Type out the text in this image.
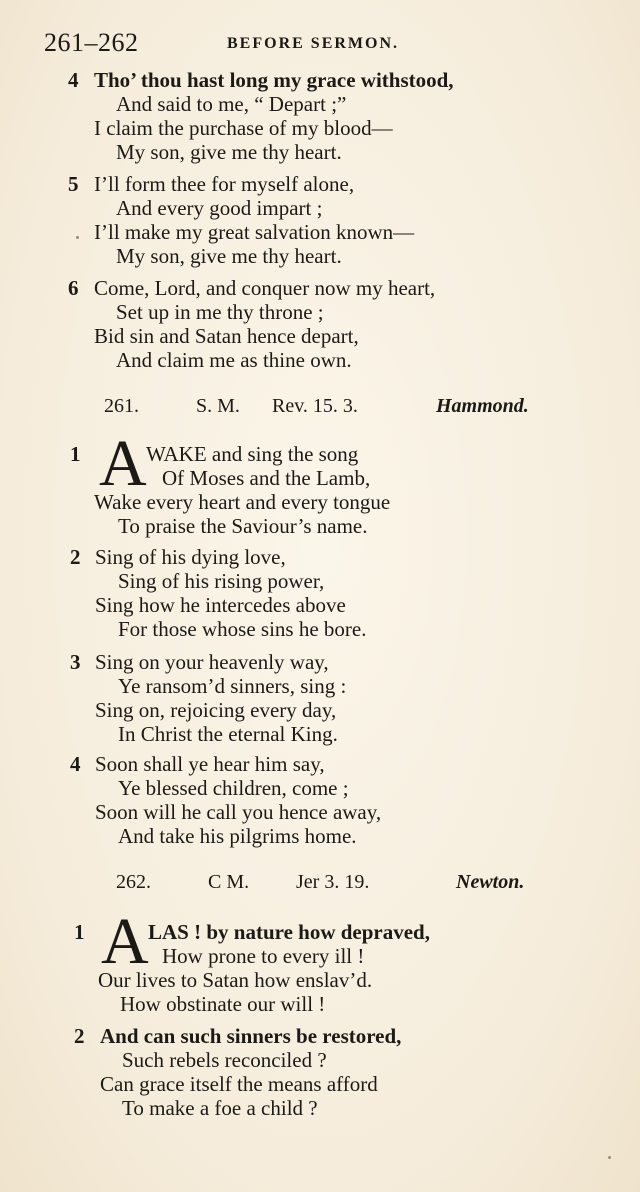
261–262	BEFORE SERMON.
4 Tho’ thou hast long my grace withstood,
And said to me, “ Depart ;”
I claim the purchase of my blood—
My son, give me thy heart.
5 I’ll form thee for myself alone,
And every good impart ;
I’ll make my great salvation known—
My son, give me thy heart.
6 Come, Lord, and conquer now my heart,
Set up in me thy throne ;
Bid sin and Satan hence depart,
And claim me as thine own.
261.	S. M. Rev. 15. 3.	Hammond.
1 A WAKE and sing the song
Of Moses and the Lamb,
Wake every heart and every tongue
To praise the Saviour’s name.
2 Sing of his dying love,
Sing of his rising power,
Sing how he intercedes above
For those whose sins he bore.
3 Sing on your heavenly way,
Ye ransom’d sinners, sing :
Sing on, rejoicing every day,
In Christ the eternal King.
4 Soon shall ye hear him say,
Ye blessed children, come ;
Soon will he call you hence away,
And take his pilgrims home.
262.	C M. Jer 3. 19.	Newton.
1 A LAS ! by nature how depraved,
How prone to every ill !
Our lives to Satan how enslav’d.
How obstinate our will !
2 And can such sinners be restored,
Such rebels reconciled ?
Can grace itself the means afford
To make a foe a child ?
